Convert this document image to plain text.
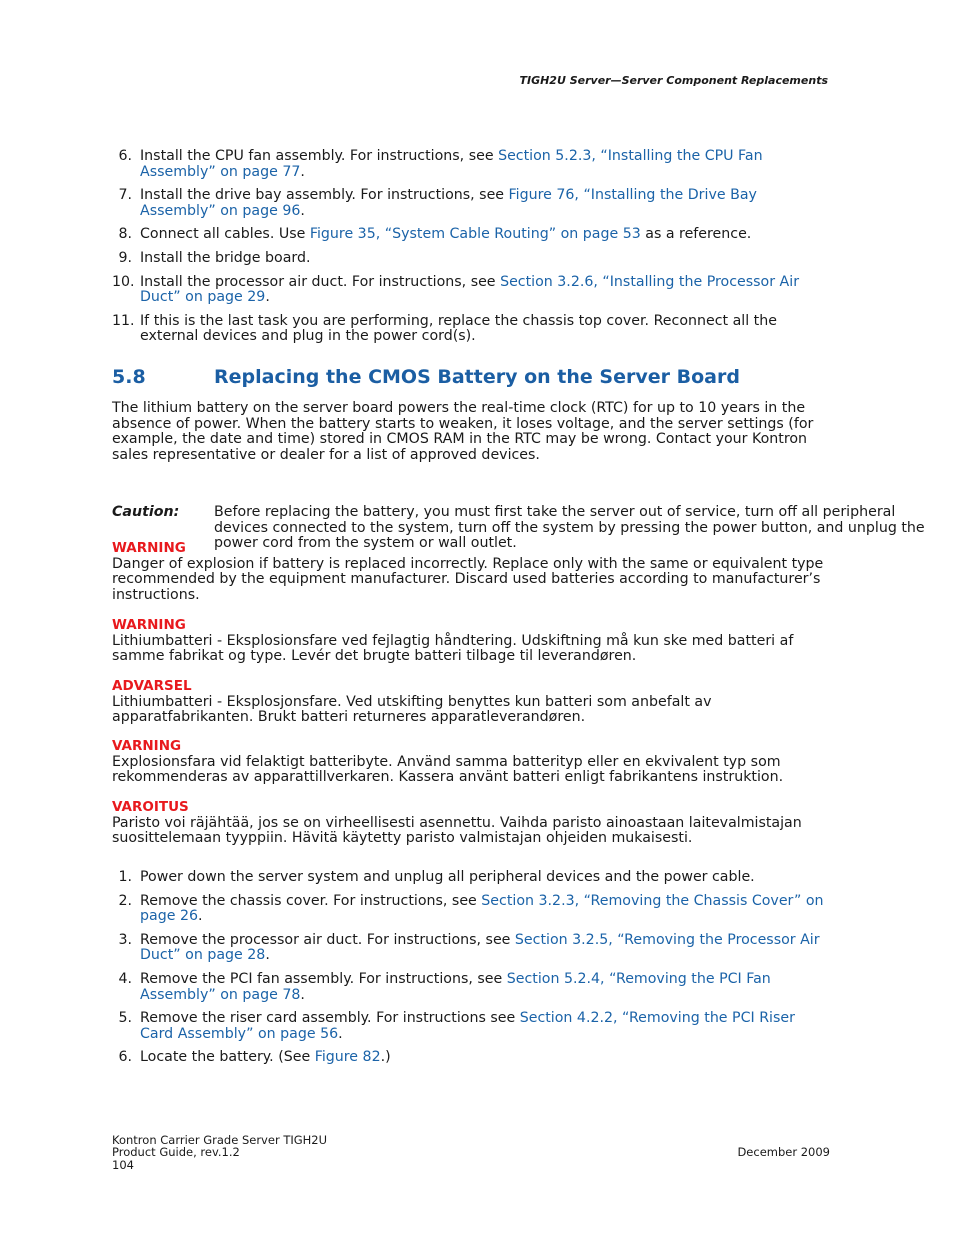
TIGH2U Server—Server Component Replacements
6. Install the CPU fan assembly. For instructions, see Section 5.2.3, “Installing the CPU Fan Assembly” on page 77.
7. Install the drive bay assembly. For instructions, see Figure 76, “Installing the Drive Bay Assembly” on page 96.
8. Connect all cables. Use Figure 35, “System Cable Routing” on page 53 as a reference.
9. Install the bridge board.
10. Install the processor air duct. For instructions, see Section 3.2.6, “Installing the Processor Air Duct” on page 29.
11. If this is the last task you are performing, replace the chassis top cover. Reconnect all the external devices and plug in the power cord(s).
5.8	Replacing the CMOS Battery on the Server Board

The lithium battery on the server board powers the real-time clock (RTC) for up to 10 years in the absence of power. When the battery starts to weaken, it loses voltage, and the server settings (for example, the date and time) stored in CMOS RAM in the RTC may be wrong. Contact your Kontron sales representative or dealer for a list of approved devices.

Caution: Before replacing the battery, you must first take the server out of service, turn off all peripheral devices connected to the system, turn off the system by pressing the power button, and unplug the power cord from the system or wall outlet.
WARNING
Danger of explosion if battery is replaced incorrectly. Replace only with the same or equivalent type recommended by the equipment manufacturer. Discard used batteries according to manufacturer’s instructions.
WARNING
Lithiumbatteri - Eksplosionsfare ved fejlagtig håndtering. Udskiftning må kun ske med batteri af samme fabrikat og type. Levér det brugte batteri tilbage til leverandøren.
ADVARSEL
Lithiumbatteri - Eksplosjonsfare. Ved utskifting benyttes kun batteri som anbefalt av apparatfabrikanten. Brukt batteri returneres apparatleverandøren.
VARNING
Explosionsfara vid felaktigt batteribyte. Använd samma batterityp eller en ekvivalent typ som rekommenderas av apparattillverkaren. Kassera använt batteri enligt fabrikantens instruktion.
VAROITUS
Paristo voi räjähtää, jos se on virheellisesti asennettu. Vaihda paristo ainoastaan laitevalmistajan suosittelemaan tyyppiin. Hävitä käytetty paristo valmistajan ohjeiden mukaisesti.
1. Power down the server system and unplug all peripheral devices and the power cable.
2. Remove the chassis cover. For instructions, see Section 3.2.3, “Removing the Chassis Cover” on page 26.
3. Remove the processor air duct. For instructions, see Section 3.2.5, “Removing the Processor Air Duct” on page 28.
4. Remove the PCI fan assembly. For instructions, see Section 5.2.4, “Removing the PCI Fan Assembly” on page 78.
5. Remove the riser card assembly. For instructions see Section 4.2.2, “Removing the PCI Riser Card Assembly” on page 56.
6. Locate the battery. (See Figure 82.)
Kontron Carrier Grade Server TIGH2U
Product Guide, rev.1.2
104
December 2009
